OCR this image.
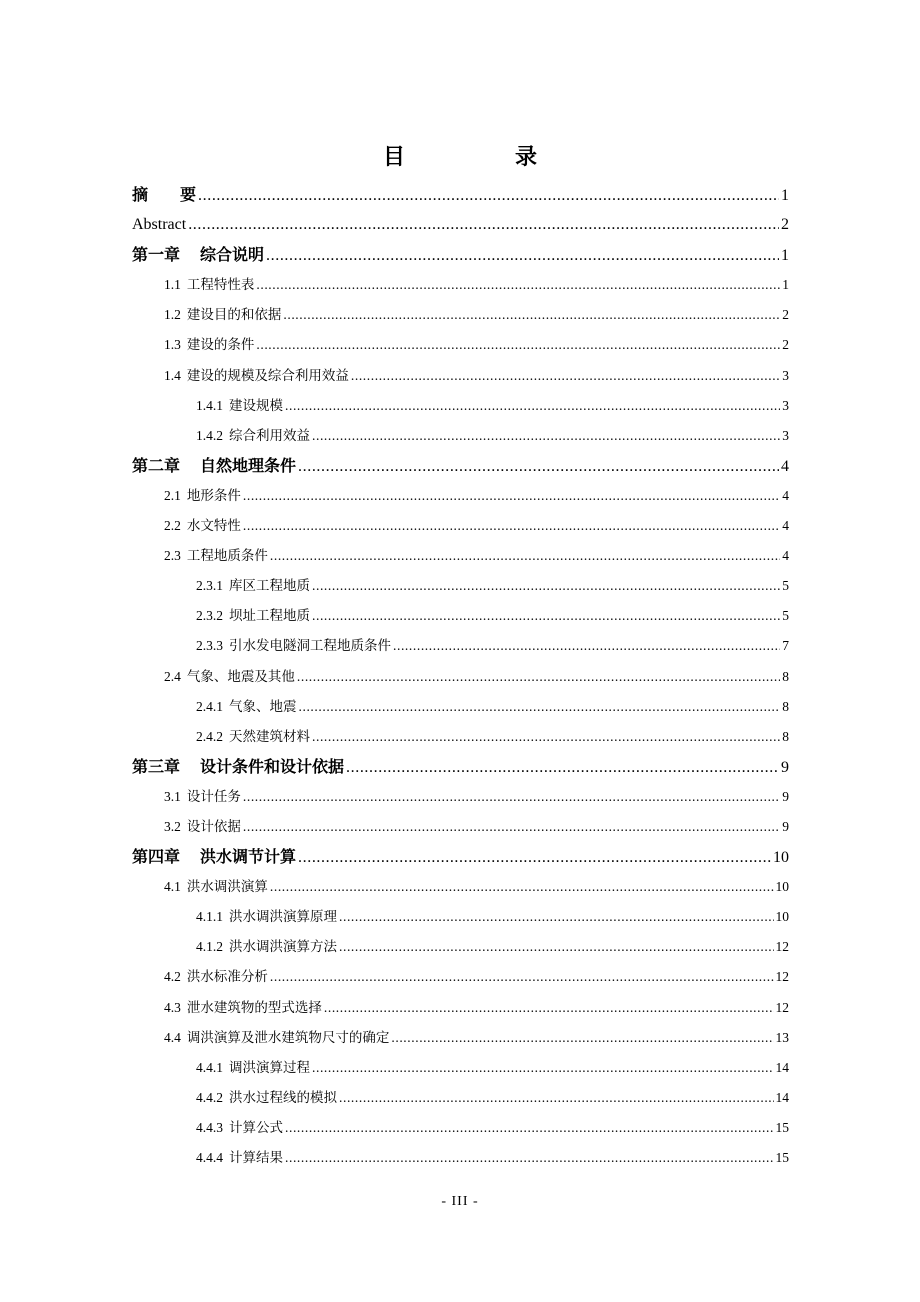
目　录
摘　　要 .....	1
Abstract .....	2
第一章 综合说明 .....	1
1.1 工程特性表 .....	1
1.2 建设目的和依据 .....	2
1.3 建设的条件 .....	2
1.4 建设的规模及综合利用效益 .....	3
1.4.1 建设规模 .....	3
1.4.2 综合利用效益 .....	3
第二章 自然地理条件 .....	4
2.1 地形条件 .....	4
2.2 水文特性 .....	4
2.3 工程地质条件 .....	4
2.3.1 库区工程地质 .....	5
2.3.2 坝址工程地质 .....	5
2.3.3 引水发电隧洞工程地质条件 .....	7
2.4 气象、地震及其他 .....	8
2.4.1 气象、地震 .....	8
2.4.2 天然建筑材料 .....	8
第三章 设计条件和设计依据 .....	9
3.1 设计任务 .....	9
3.2 设计依据 .....	9
第四章 洪水调节计算 .....	10
4.1 洪水调洪演算 .....	10
4.1.1 洪水调洪演算原理 .....	10
4.1.2 洪水调洪演算方法 .....	12
4.2 洪水标准分析 .....	12
4.3 泄水建筑物的型式选择 .....	12
4.4 调洪演算及泄水建筑物尺寸的确定 .....	13
4.4.1 调洪演算过程 .....	14
4.4.2 洪水过程线的模拟 .....	14
4.4.3 计算公式 .....	15
4.4.4 计算结果 .....	15
- III -
